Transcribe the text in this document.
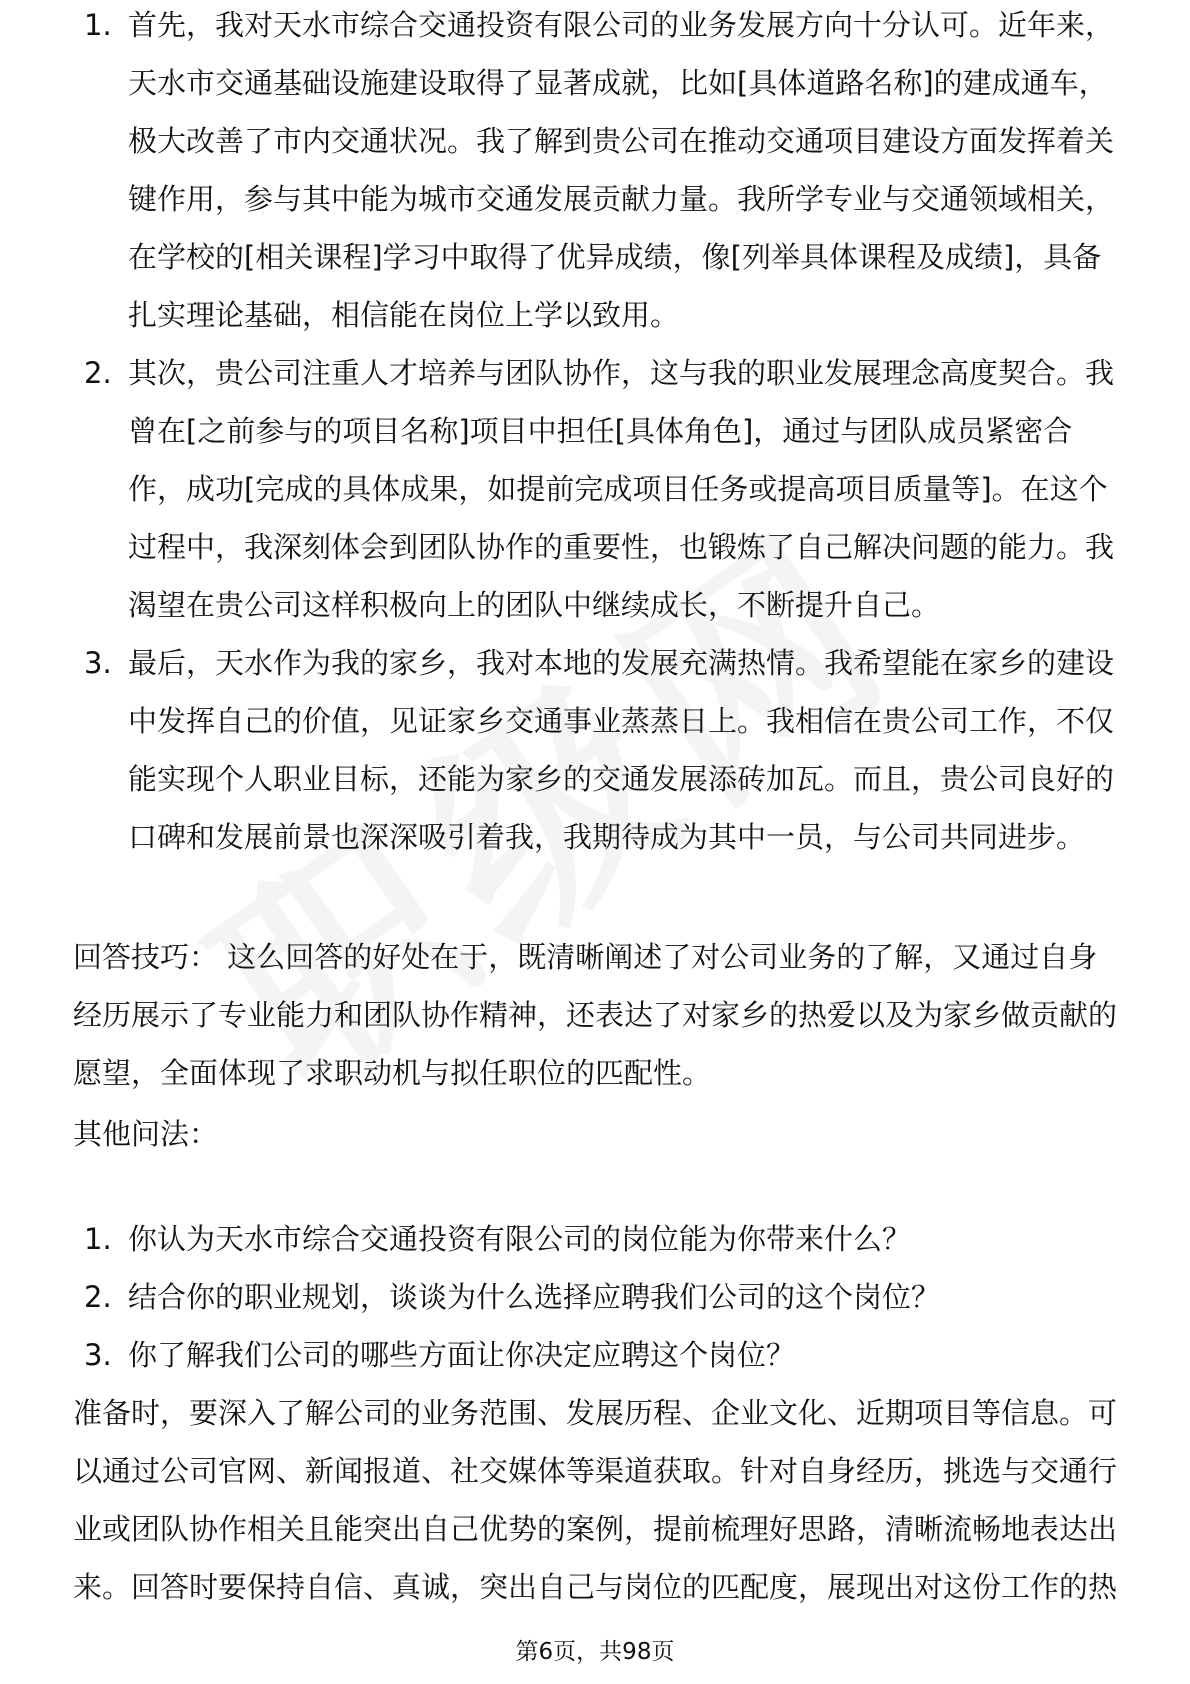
1. 首先，我对天水市综合交通投资有限公司的业务发展方向十分认可。近年来，天水市交通基础设施建设取得了显著成就，比如[具体道路名称]的建成通车，极大改善了市内交通状况。我了解到贵公司在推动交通项目建设方面发挥着关键作用，参与其中能为城市交通发展贡献力量。我所学专业与交通领域相关，在学校的[相关课程]学习中取得了优异成绩，像[列举具体课程及成绩]，具备扎实理论基础，相信能在岗位上学以致用。
2. 其次，贵公司注重人才培养与团队协作，这与我的职业发展理念高度契合。我曾在[之前参与的项目名称]项目中担任[具体角色]，通过与团队成员紧密合作，成功[完成的具体成果，如提前完成项目任务或提高项目质量等]。在这个过程中，我深刻体会到团队协作的重要性，也锻炼了自己解决问题的能力。我渴望在贵公司这样积极向上的团队中继续成长，不断提升自己。
3. 最后，天水作为我的家乡，我对本地的发展充满热情。我希望能在家乡的建设中发挥自己的价值，见证家乡交通事业蒸蒸日上。我相信在贵公司工作，不仅能实现个人职业目标，还能为家乡的交通发展添砖加瓦。而且，贵公司良好的口碑和发展前景也深深吸引着我，我期待成为其中一员，与公司共同进步。

回答技巧： 这么回答的好处在于，既清晰阐述了对公司业务的了解，又通过自身经历展示了专业能力和团队协作精神，还表达了对家乡的热爱以及为家乡做贡献的愿望，全面体现了求职动机与拟任职位的匹配性。

其他问法：

1. 你认为天水市综合交通投资有限公司的岗位能为你带来什么？
2. 结合你的职业规划，谈谈为什么选择应聘我们公司的这个岗位？
3. 你了解我们公司的哪些方面让你决定应聘这个岗位？

准备时，要深入了解公司的业务范围、发展历程、企业文化、近期项目等信息。可以通过公司官网、新闻报道、社交媒体等渠道获取。针对自身经历，挑选与交通行业或团队协作相关且能突出自己优势的案例，提前梳理好思路，清晰流畅地表达出来。回答时要保持自信、真诚，突出自己与岗位的匹配度，展现出对这份工作的热

第6页，共98页
